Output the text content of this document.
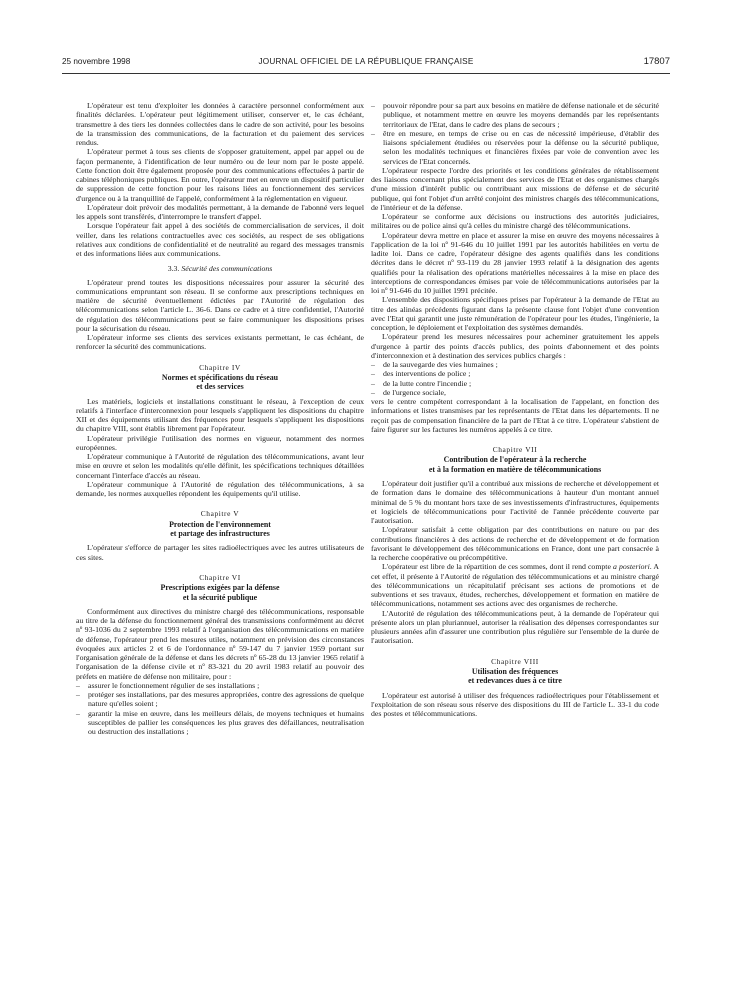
25 novembre 1998	JOURNAL OFFICIEL DE LA RÉPUBLIQUE FRANÇAISE	17807

L'opérateur est tenu d'exploiter les données à caractère personnel conformément aux finalités déclarées. L'opérateur peut légitimement utiliser, conserver et, le cas échéant, transmettre à des tiers les données collectées dans le cadre de son activité, pour les besoins de la transmission des communications, de la facturation et du paiement des services rendus.

L'opérateur permet à tous ses clients de s'opposer gratuitement, appel par appel ou de façon permanente, à l'identification de leur numéro ou de leur nom par le poste appelé. Cette fonction doit être également proposée pour des communications effectuées à partir de cabines téléphoniques publiques. En outre, l'opérateur met en œuvre un dispositif particulier de suppression de cette fonction pour les raisons liées au fonctionnement des services d'urgence ou à la tranquillité de l'appelé, conformément à la réglementation en vigueur.

L'opérateur doit prévoir des modalités permettant, à la demande de l'abonné vers lequel les appels sont transférés, d'interrompre le transfert d'appel.

Lorsque l'opérateur fait appel à des sociétés de commercialisation de services, il doit veiller, dans les relations contractuelles avec ces sociétés, au respect de ses obligations relatives aux conditions de confidentialité et de neutralité au regard des messages transmis et des informations liées aux communications.

3.3. Sécurité des communications

L'opérateur prend toutes les dispositions nécessaires pour assurer la sécurité des communications empruntant son réseau. Il se conforme aux prescriptions techniques en matière de sécurité éventuellement édictées par l'Autorité de régulation des télécommunications selon l'article L. 36-6. Dans ce cadre et à titre confidentiel, l'Autorité de régulation des télécommunications peut se faire communiquer les dispositions prises pour la sécurisation du réseau.

L'opérateur informe ses clients des services existants permettant, le cas échéant, de renforcer la sécurité des communications.

Chapitre IV
Normes et spécifications du réseau
et des services

Les matériels, logiciels et installations constituant le réseau, à l'exception de ceux relatifs à l'interface d'interconnexion pour lesquels s'appliquent les dispositions du chapitre XII et des équipements utilisant des fréquences pour lesquels s'appliquent les dispositions du chapitre VIII, sont établis librement par l'opérateur.

L'opérateur privilégie l'utilisation des normes en vigueur, notamment des normes européennes.

L'opérateur communique à l'Autorité de régulation des télécommunications, avant leur mise en œuvre et selon les modalités qu'elle définit, les spécifications techniques détaillées concernant l'interface d'accès au réseau.

L'opérateur communique à l'Autorité de régulation des télécommunications, à sa demande, les normes auxquelles répondent les équipements qu'il utilise.

Chapitre V
Protection de l'environnement
et partage des infrastructures

L'opérateur s'efforce de partager les sites radioélectriques avec les autres utilisateurs de ces sites.

Chapitre VI
Prescriptions exigées par la défense
et la sécurité publique

Conformément aux directives du ministre chargé des télécommunications, responsable au titre de la défense du fonctionnement général des transmissions conformément au décret nº 93-1036 du 2 septembre 1993 relatif à l'organisation des télécommunications en matière de défense, l'opérateur prend les mesures utiles, notamment en prévision des circonstances évoquées aux articles 2 et 6 de l'ordonnance nº 59-147 du 7 janvier 1959 portant sur l'organisation générale de la défense et dans les décrets nº 65-28 du 13 janvier 1965 relatif à l'organisation de la défense civile et nº 83-321 du 20 avril 1983 relatif au pouvoir des préfets en matière de défense non militaire, pour :

– assurer le fonctionnement régulier de ses installations ;
– protéger ses installations, par des mesures appropriées, contre des agressions de quelque nature qu'elles soient ;
– garantir la mise en œuvre, dans les meilleurs délais, de moyens techniques et humains susceptibles de pallier les conséquences les plus graves des défaillances, neutralisation ou destruction des installations ;
– pouvoir répondre pour sa part aux besoins en matière de défense nationale et de sécurité publique, et notamment mettre en œuvre les moyens demandés par les représentants territoriaux de l'Etat, dans le cadre des plans de secours ;
– être en mesure, en temps de crise ou en cas de nécessité impérieuse, d'établir des liaisons spécialement étudiées ou réservées pour la défense ou la sécurité publique, selon les modalités techniques et financières fixées par voie de convention avec les services de l'Etat concernés.

L'opérateur respecte l'ordre des priorités et les conditions générales de rétablissement des liaisons concernant plus spécialement des services de l'Etat et des organismes chargés d'une mission d'intérêt public ou contribuant aux missions de défense et de sécurité publique, qui font l'objet d'un arrêté conjoint des ministres chargés des télécommunications, de l'intérieur et de la défense.

L'opérateur se conforme aux décisions ou instructions des autorités judiciaires, militaires ou de police ainsi qu'à celles du ministre chargé des télécommunications.

L'opérateur devra mettre en place et assurer la mise en œuvre des moyens nécessaires à l'application de la loi nº 91-646 du 10 juillet 1991 par les autorités habilitées en vertu de ladite loi. Dans ce cadre, l'opérateur désigne des agents qualifiés dans les conditions décrites dans le décret nº 93-119 du 28 janvier 1993 relatif à la désignation des agents qualifiés pour la réalisation des opérations matérielles nécessaires à la mise en place des interceptions de correspondances émises par voie de télécommunications autorisées par la loi nº 91-646 du 10 juillet 1991 précitée.

L'ensemble des dispositions spécifiques prises par l'opérateur à la demande de l'Etat au titre des alinéas précédents figurant dans la présente clause font l'objet d'une convention avec l'Etat qui garantit une juste rémunération de l'opérateur pour les études, l'ingénierie, la conception, le déploiement et l'exploitation des systèmes demandés.

L'opérateur prend les mesures nécessaires pour acheminer gratuitement les appels d'urgence à partir des points d'accès publics, des points d'abonnement et des points d'interconnexion et à destination des services publics chargés :

– de la sauvegarde des vies humaines ;
– des interventions de police ;
– de la lutte contre l'incendie ;
– de l'urgence sociale,

vers le centre compétent correspondant à la localisation de l'appelant, en fonction des informations et listes transmises par les représentants de l'Etat dans les départements. Il ne reçoit pas de compensation financière de la part de l'Etat à ce titre. L'opérateur s'abstient de faire figurer sur les factures les numéros appelés à ce titre.

Chapitre VII
Contribution de l'opérateur à la recherche
et à la formation en matière de télécommunications

L'opérateur doit justifier qu'il a contribué aux missions de recherche et développement et de formation dans le domaine des télécommunications à hauteur d'un montant annuel minimal de 5 % du montant hors taxe de ses investissements d'infrastructures, équipements et logiciels de télécommunications pour l'activité de l'année précédente couverte par l'autorisation.

L'opérateur satisfait à cette obligation par des contributions en nature ou par des contributions financières à des actions de recherche et de développement et de formation favorisant le développement des télécommunications en France, dont une part consacrée à la recherche coopérative ou précompétitive.

L'opérateur est libre de la répartition de ces sommes, dont il rend compte a posteriori. A cet effet, il présente à l'Autorité de régulation des télécommunications et au ministre chargé des télécommunications un récapitulatif précisant ses actions de promotions et de subventions et ses travaux, études, recherches, développement et formation en matière de télécommunications, notamment ses actions avec des organismes de recherche.

L'Autorité de régulation des télécommunications peut, à la demande de l'opérateur qui présente alors un plan pluriannuel, autoriser la réalisation des dépenses correspondantes sur plusieurs années afin d'assurer une contribution plus régulière sur l'ensemble de la durée de l'autorisation.

Chapitre VIII
Utilisation des fréquences
et redevances dues à ce titre

L'opérateur est autorisé à utiliser des fréquences radioélectriques pour l'établissement et l'exploitation de son réseau sous réserve des dispositions du III de l'article L. 33-1 du code des postes et télécommunications.
